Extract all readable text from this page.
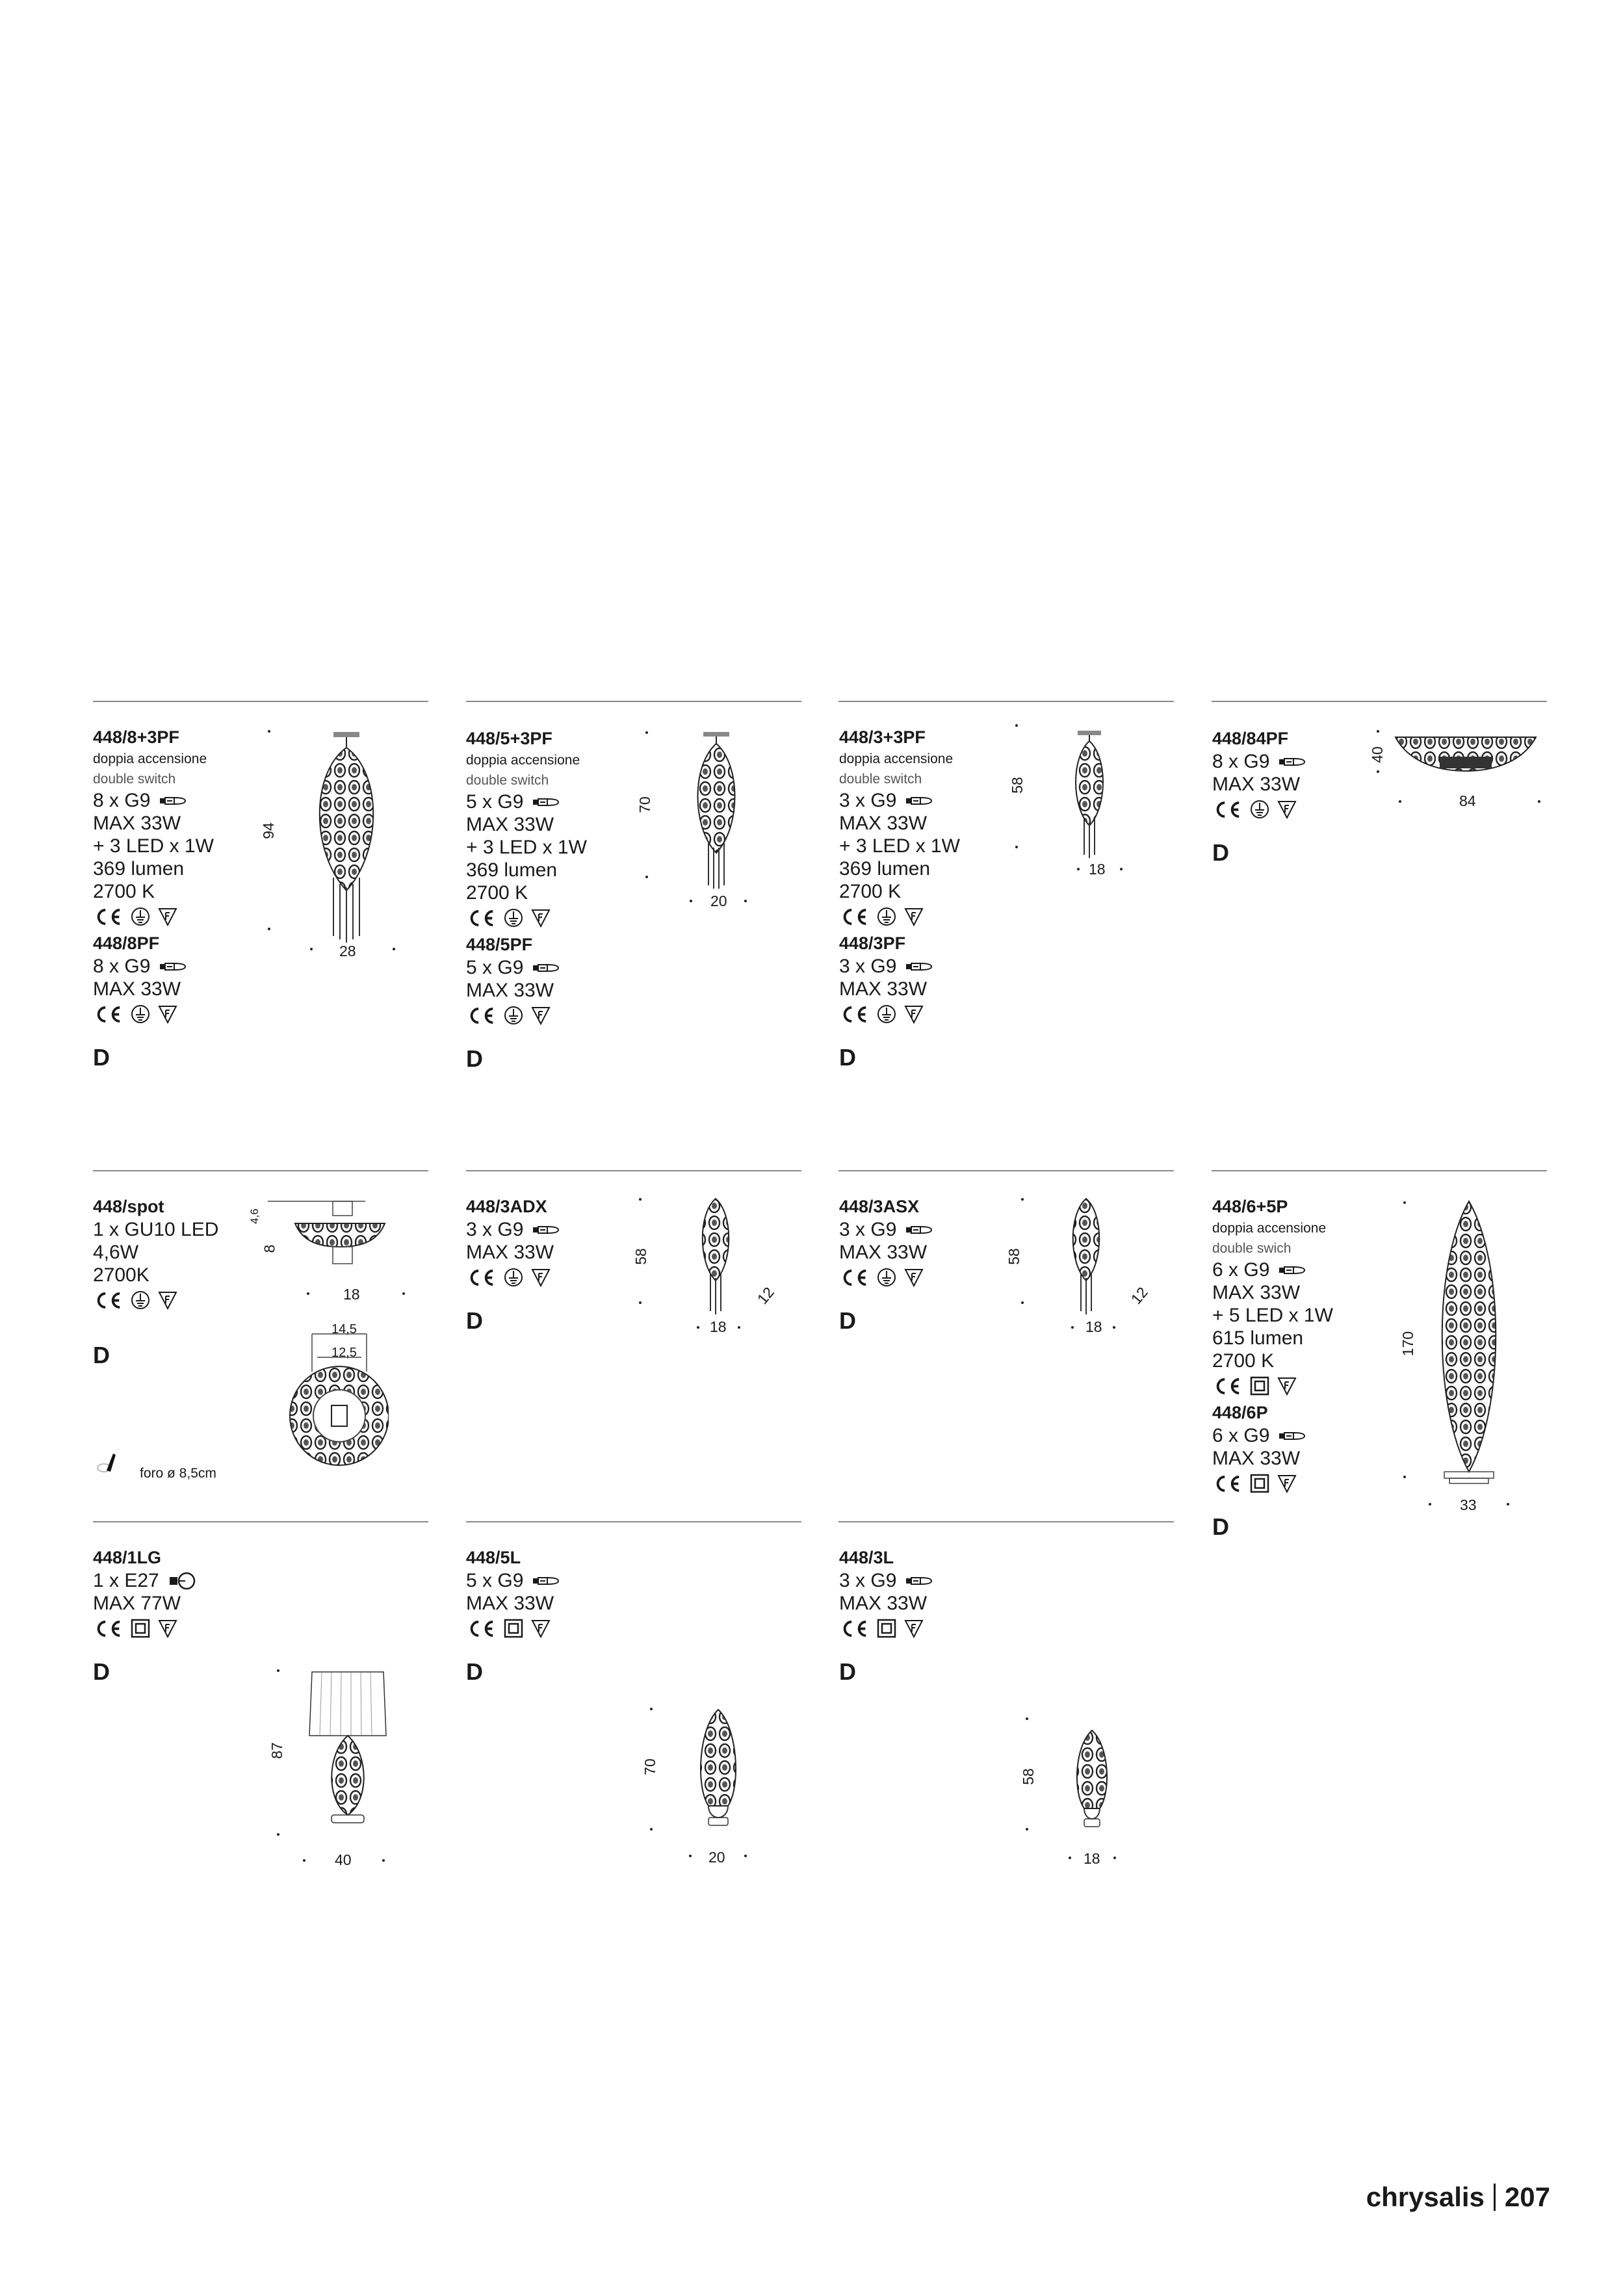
448/8+3PF
doppia accensione
double switch
8 x G9
MAX 33W
+ 3 LED x 1W
369 lumen
2700 K
448/8PF
8 x G9
MAX 33W
D
94
28
448/5+3PF
doppia accensione
double switch
5 x G9
MAX 33W
+ 3 LED x 1W
369 lumen
2700 K
448/5PF
5 x G9
MAX 33W
D
70
20
448/3+3PF
doppia accensione
double switch
3 x G9
MAX 33W
+ 3 LED x 1W
369 lumen
2700 K
448/3PF
3 x G9
MAX 33W
D
58
18
448/84PF
8 x G9
MAX 33W
D
40
84
448/spot
1 x GU10 LED
4,6W
2700K
D
4,6
8
18
14,5
12,5
foro ø 8,5cm
448/3ADX
3 x G9
MAX 33W
D
58
18
12
448/3ASX
3 x G9
MAX 33W
D
58
18
12
448/6+5P
doppia accensione
double swich
6 x G9
MAX 33W
+ 5 LED x 1W
615 lumen
2700 K
448/6P
6 x G9
MAX 33W
D
170
33
448/1LG
1 x E27
MAX 77W
D
87
40
448/5L
5 x G9
MAX 33W
D
70
20
448/3L
3 x G9
MAX 33W
D
58
18
chrysalis 207
